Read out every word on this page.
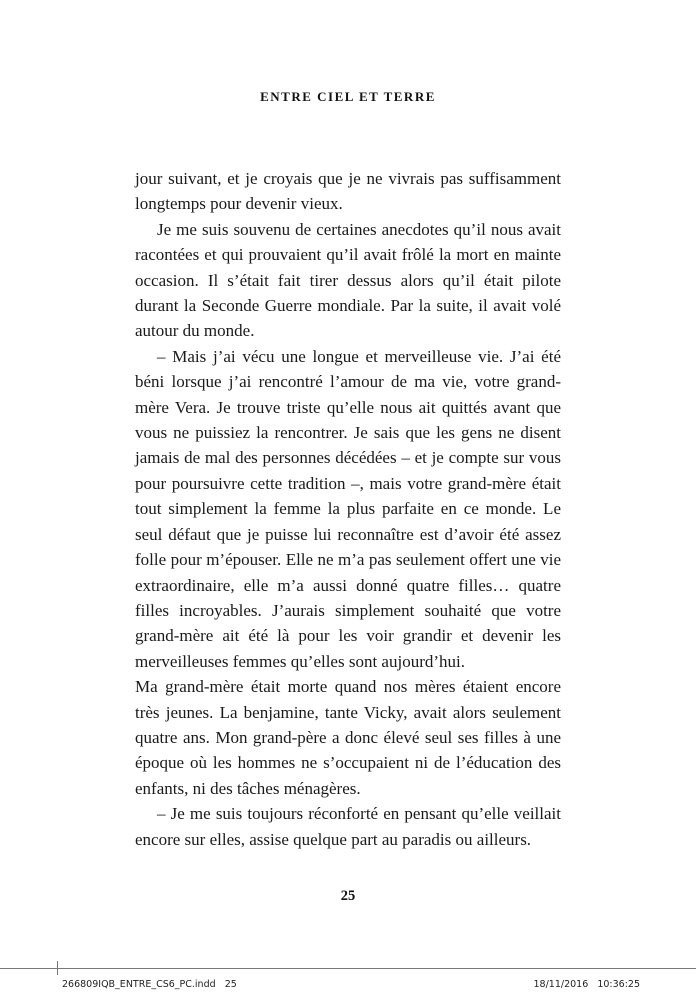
ENTRE CIEL ET TERRE

jour suivant, et je croyais que je ne vivrais pas suffisamment longtemps pour devenir vieux.

Je me suis souvenu de certaines anecdotes qu’il nous avait racontées et qui prouvaient qu’il avait frôlé la mort en mainte occasion. Il s’était fait tirer dessus alors qu’il était pilote durant la Seconde Guerre mondiale. Par la suite, il avait volé autour du monde.

– Mais j’ai vécu une longue et merveilleuse vie. J’ai été béni lorsque j’ai rencontré l’amour de ma vie, votre grand-mère Vera. Je trouve triste qu’elle nous ait quittés avant que vous ne puissiez la rencontrer. Je sais que les gens ne disent jamais de mal des personnes décédées – et je compte sur vous pour poursuivre cette tradition –, mais votre grand-mère était tout simplement la femme la plus parfaite en ce monde. Le seul défaut que je puisse lui reconnaître est d’avoir été assez folle pour m’épouser. Elle ne m’a pas seulement offert une vie extraordinaire, elle m’a aussi donné quatre filles… quatre filles incroyables. J’aurais simplement souhaité que votre grand-mère ait été là pour les voir grandir et devenir les merveilleuses femmes qu’elles sont aujourd’hui.

Ma grand-mère était morte quand nos mères étaient encore très jeunes. La benjamine, tante Vicky, avait alors seulement quatre ans. Mon grand-père a donc élevé seul ses filles à une époque où les hommes ne s’occupaient ni de l’éducation des enfants, ni des tâches ménagères.

– Je me suis toujours réconforté en pensant qu’elle veillait encore sur elles, assise quelque part au paradis ou ailleurs.

25
266809IQB_ENTRE_CS6_PC.indd   25	18/11/2016   10:36:25
